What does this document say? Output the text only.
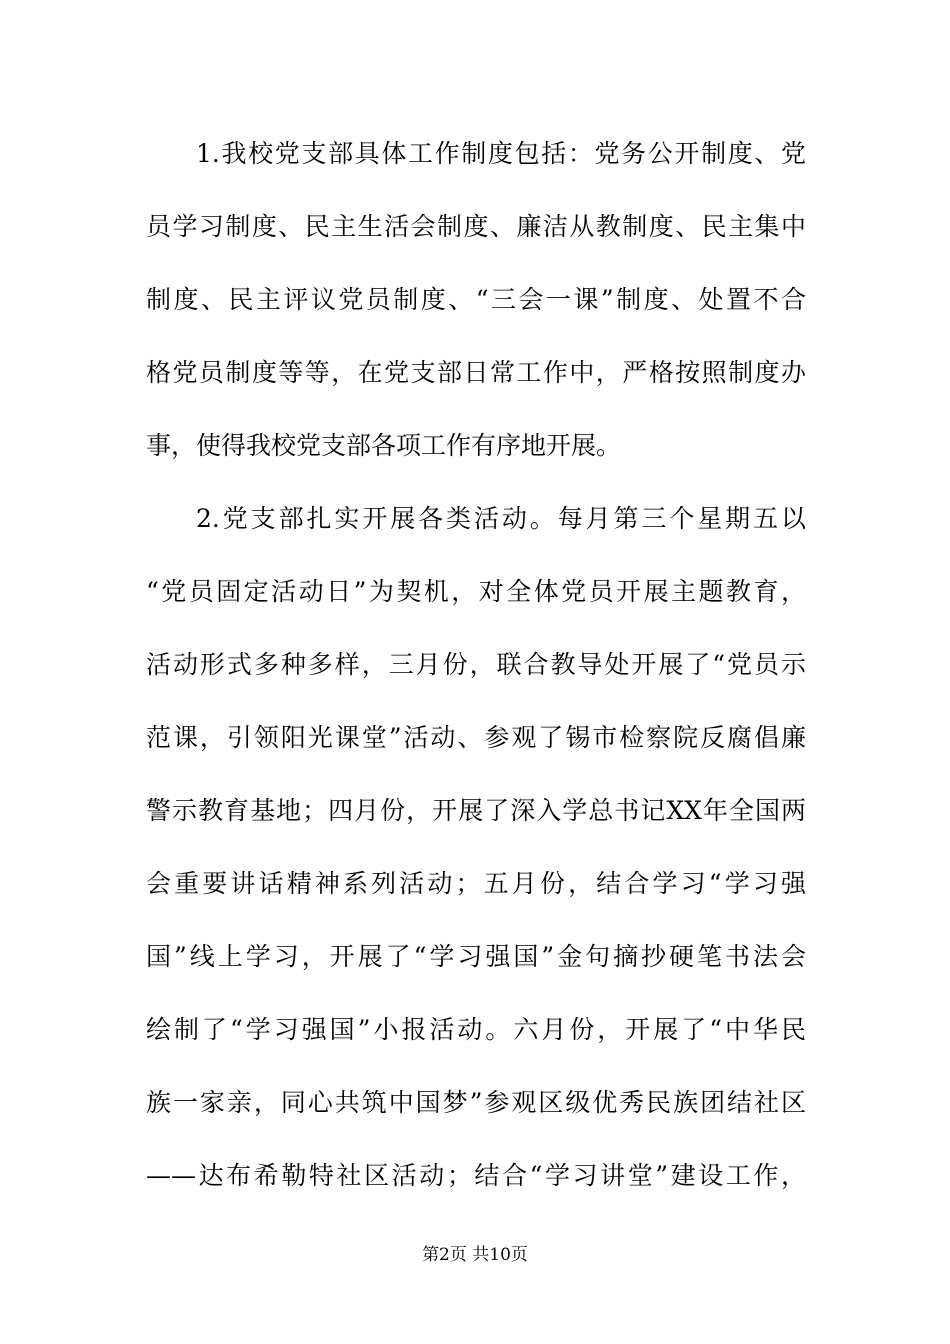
1.我校党支部具体工作制度包括：党务公开制度、党
员学习制度、民主生活会制度、廉洁从教制度、民主集中
制度、民主评议党员制度、“三会一课”制度、处置不合
格党员制度等等，在党支部日常工作中，严格按照制度办
事，使得我校党支部各项工作有序地开展。
2.党支部扎实开展各类活动。每月第三个星期五以
“党员固定活动日”为契机，对全体党员开展主题教育，
活动形式多种多样，三月份，联合教导处开展了“党员示
范课，引领阳光课堂”活动、参观了锡市检察院反腐倡廉
警示教育基地；四月份，开展了深入学总书记XX年全国两
会重要讲话精神系列活动；五月份，结合学习“学习强
国”线上学习，开展了“学习强国”金句摘抄硬笔书法会
绘制了“学习强国”小报活动。六月份，开展了“中华民
族一家亲，同心共筑中国梦”参观区级优秀民族团结社区
——达布希勒特社区活动；结合“学习讲堂”建设工作，
第2页 共10页
